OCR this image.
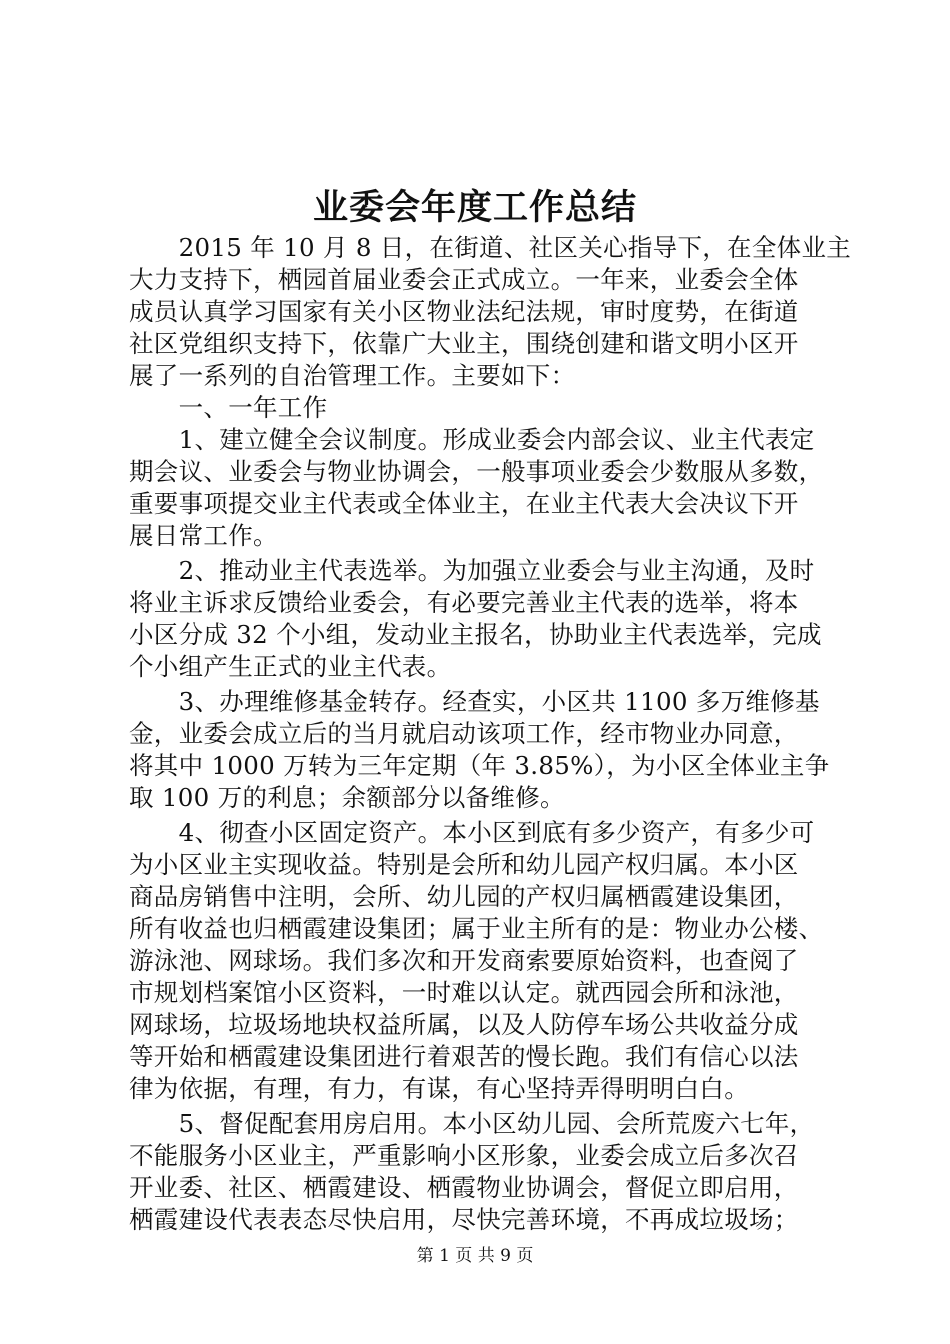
业委会年度工作总结
　　2015 年 10 月 8 日，在街道、社区关心指导下，在全体业主
大力支持下，栖园首届业委会正式成立。一年来，业委会全体
成员认真学习国家有关小区物业法纪法规，审时度势，在街道
社区党组织支持下，依靠广大业主，围绕创建和谐文明小区开
展了一系列的自治管理工作。主要如下：
　　一、一年工作
　　1、建立健全会议制度。形成业委会内部会议、业主代表定
期会议、业委会与物业协调会，一般事项业委会少数服从多数，
重要事项提交业主代表或全体业主，在业主代表大会决议下开
展日常工作。
　　2、推动业主代表选举。为加强立业委会与业主沟通，及时
将业主诉求反馈给业委会，有必要完善业主代表的选举，将本
小区分成 32 个小组，发动业主报名，协助业主代表选举，完成
个小组产生正式的业主代表。
　　3、办理维修基金转存。经查实，小区共 1100 多万维修基
金，业委会成立后的当月就启动该项工作，经市物业办同意，
将其中 1000 万转为三年定期（年 3.85%），为小区全体业主争
取 100 万的利息；余额部分以备维修。
　　4、彻查小区固定资产。本小区到底有多少资产，有多少可
为小区业主实现收益。特别是会所和幼儿园产权归属。本小区
商品房销售中注明，会所、幼儿园的产权归属栖霞建设集团，
所有收益也归栖霞建设集团；属于业主所有的是：物业办公楼、
游泳池、网球场。我们多次和开发商索要原始资料，也查阅了
市规划档案馆小区资料，一时难以认定。就西园会所和泳池，
网球场，垃圾场地块权益所属，以及人防停车场公共收益分成
等开始和栖霞建设集团进行着艰苦的慢长跑。我们有信心以法
律为依据，有理，有力，有谋，有心坚持弄得明明白白。
　　5、督促配套用房启用。本小区幼儿园、会所荒废六七年，
不能服务小区业主，严重影响小区形象，业委会成立后多次召
开业委、社区、栖霞建设、栖霞物业协调会，督促立即启用，
栖霞建设代表表态尽快启用，尽快完善环境，不再成垃圾场；
第 1 页 共 9 页
